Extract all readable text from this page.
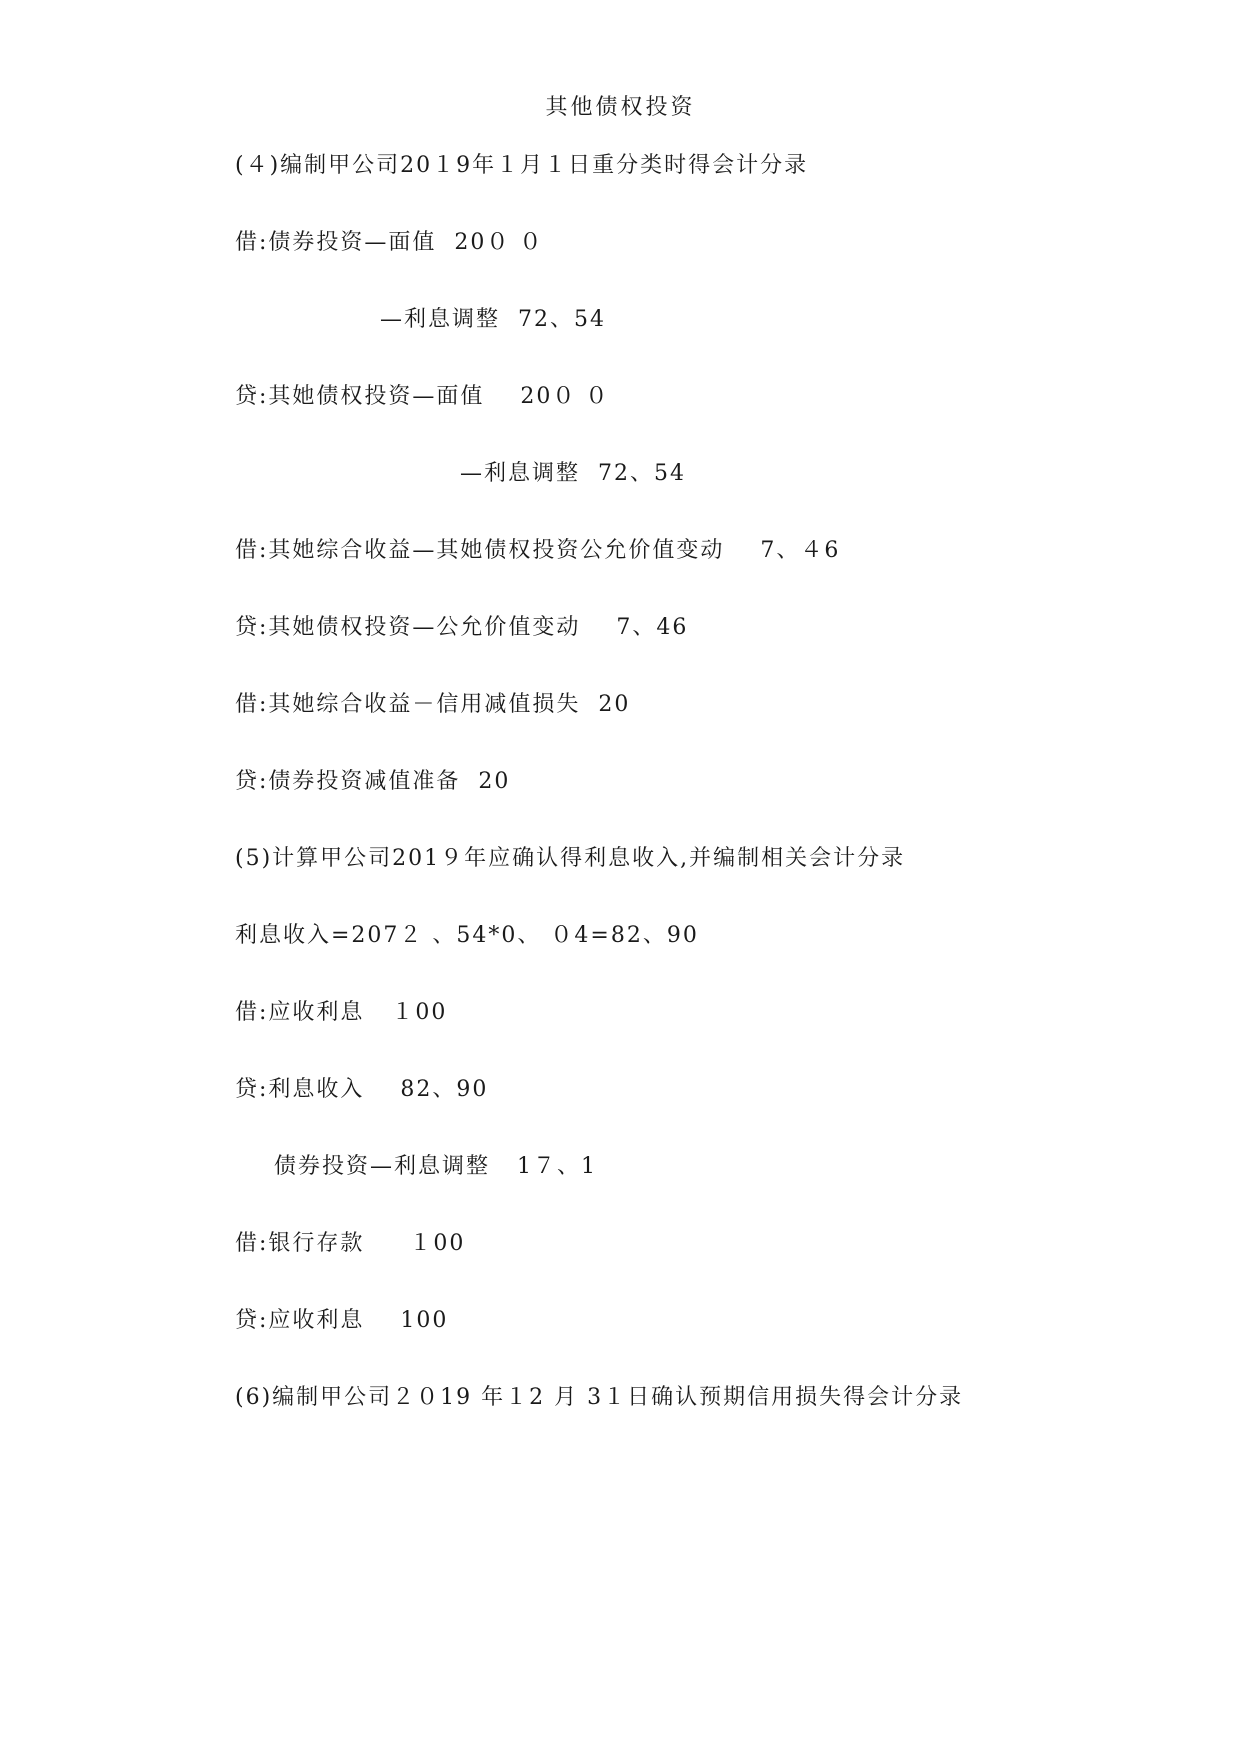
其他债权投资
(４)编制甲公司20１9年１月１日重分类时得会计分录
借:债券投资—面值  20０ ０
—利息调整  72、54
贷:其她债权投资—面值    20０ ０
—利息调整  72、54
借:其她综合收益—其她债权投资公允价值变动    7、４6
贷:其她债权投资—公允价值变动    7、46
借:其她综合收益－信用减值损失  20
贷:债券投资减值准备  20
(5)计算甲公司201９年应确认得利息收入,并编制相关会计分录
利息收入=207２ 、54*0、 ０4=82、90
借:应收利息   １00
贷:利息收入    82、90
债券投资—利息调整   1７、1
借:银行存款     １00
贷:应收利息    100
(6)编制甲公司２０19 年１2 月 3１日确认预期信用损失得会计分录
